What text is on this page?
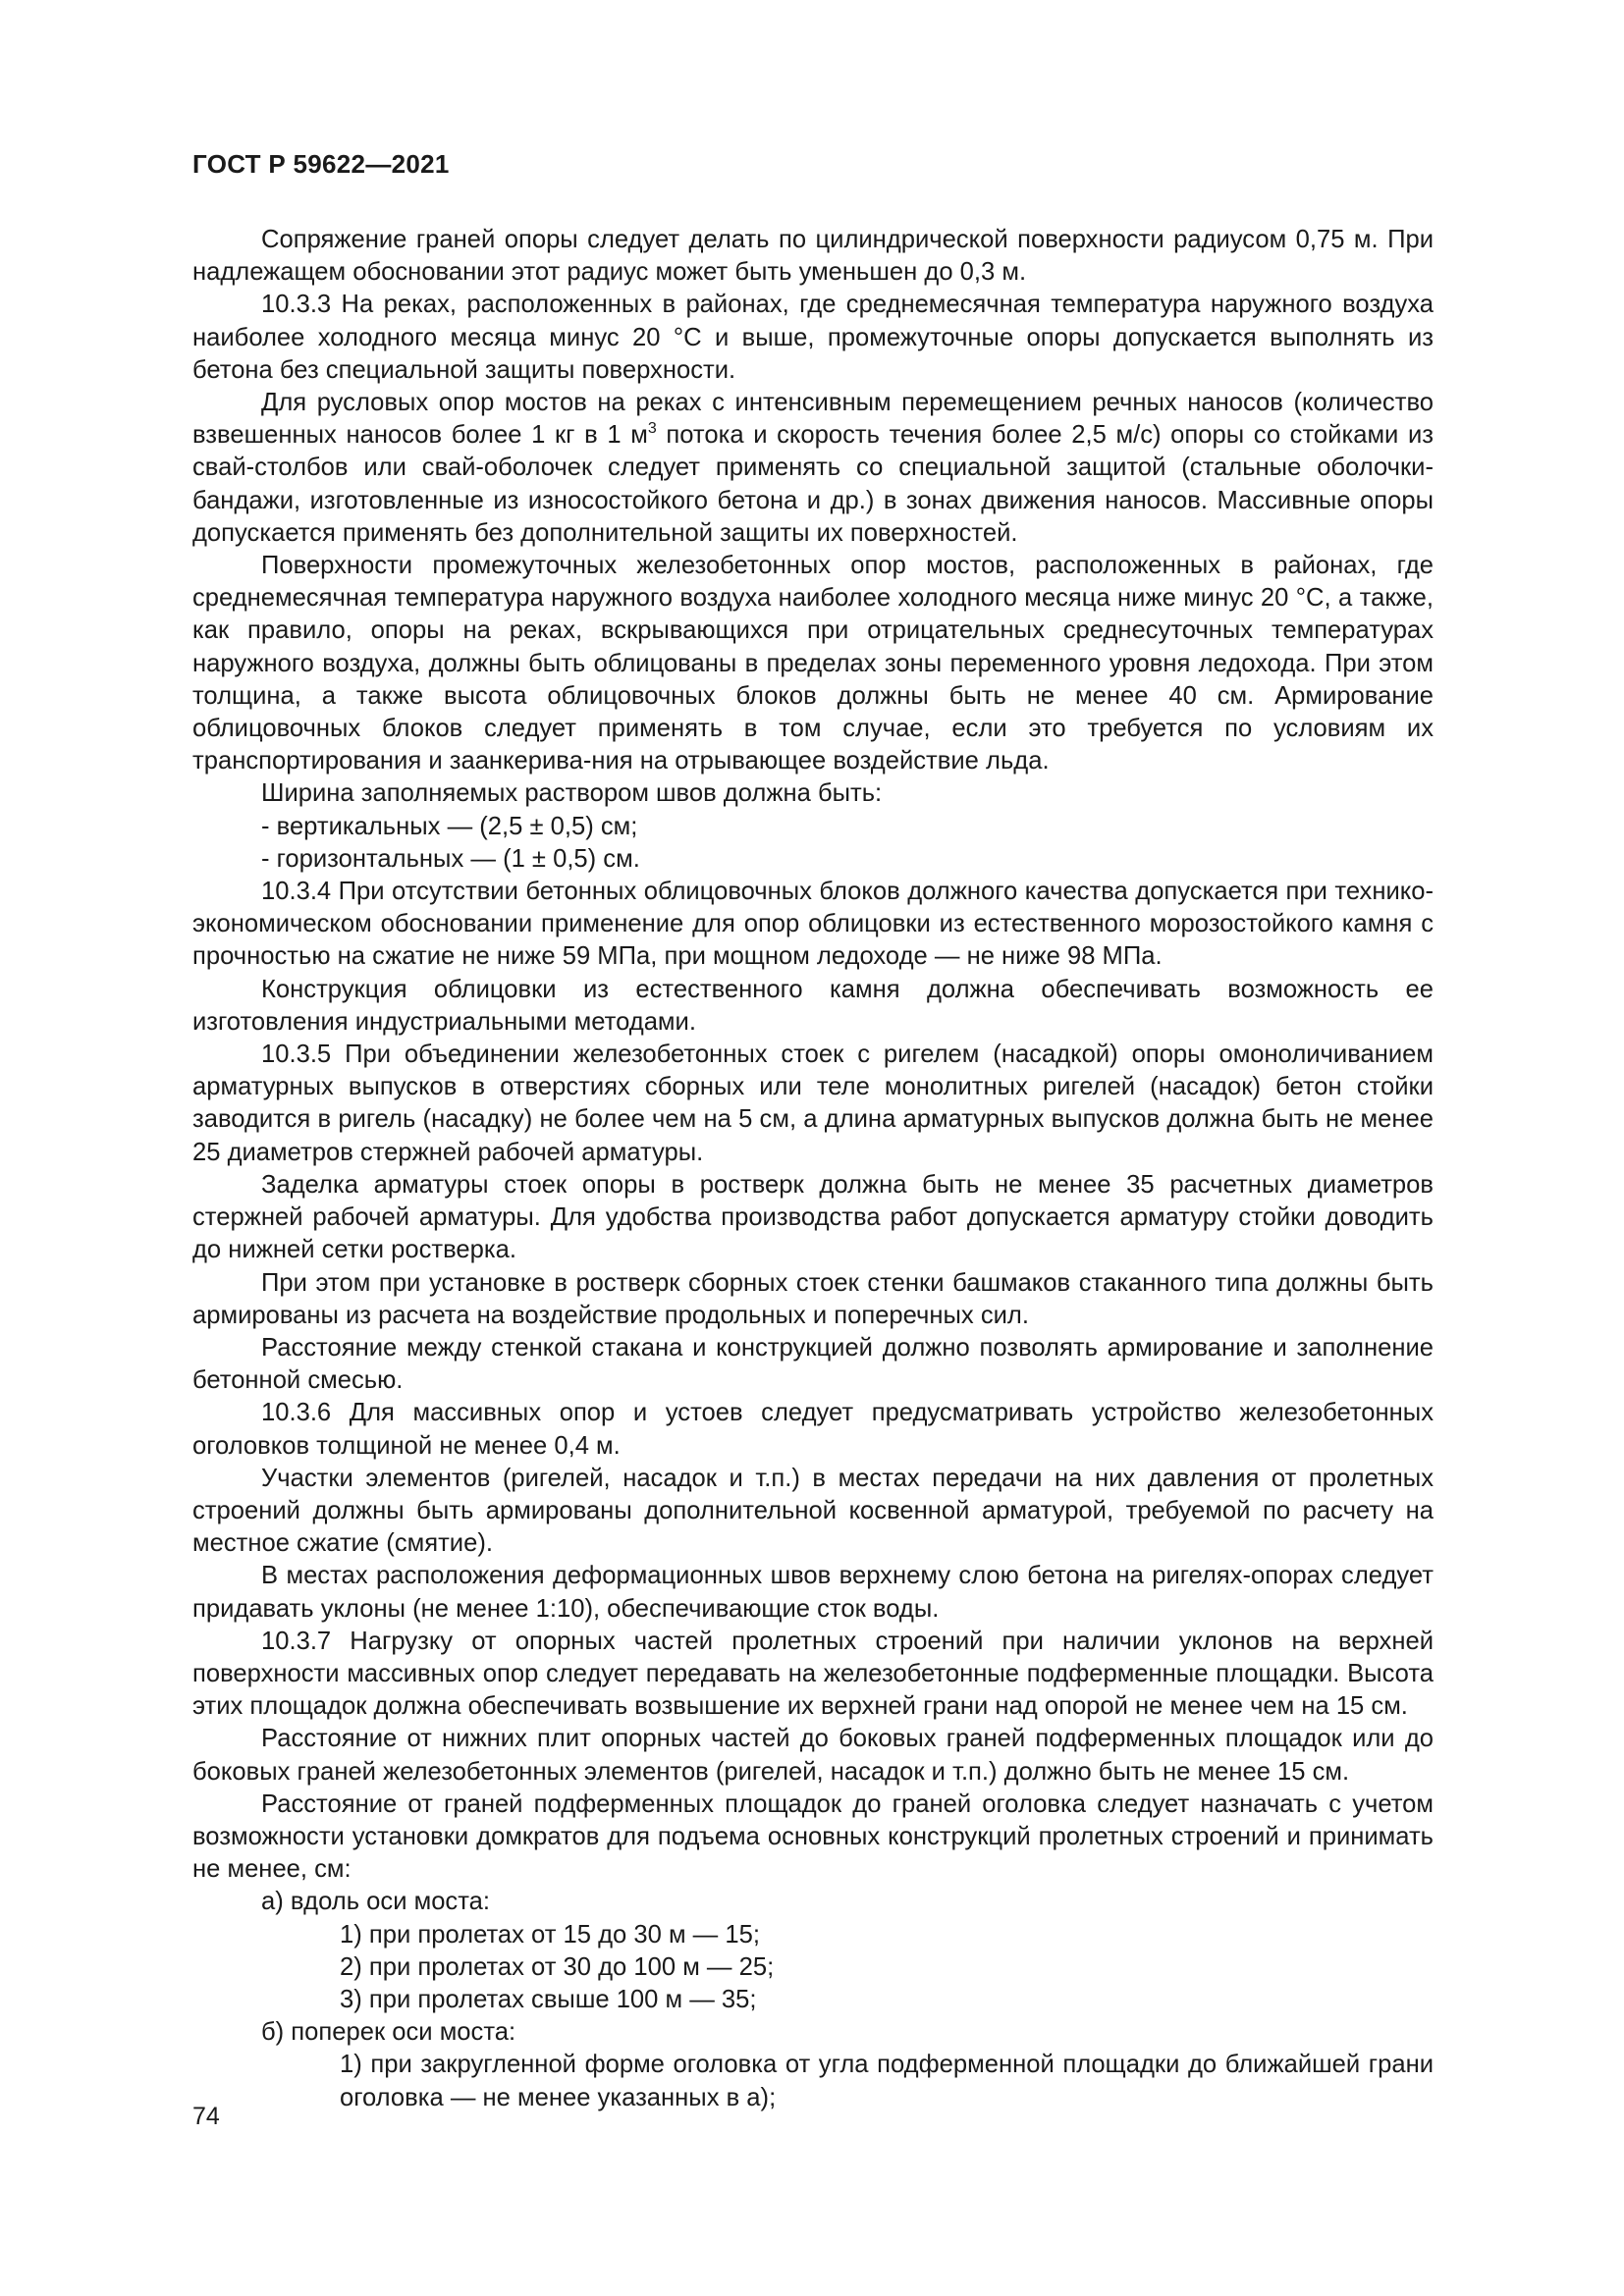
ГОСТ Р 59622—2021

Сопряжение граней опоры следует делать по цилиндрической поверхности радиусом 0,75 м. При надлежащем обосновании этот радиус может быть уменьшен до 0,3 м.

10.3.3 На реках, расположенных в районах, где среднемесячная температура наружного воздуха наиболее холодного месяца минус 20 °С и выше, промежуточные опоры допускается выполнять из бетона без специальной защиты поверхности.

Для русловых опор мостов на реках с интенсивным перемещением речных наносов (количество взвешенных наносов более 1 кг в 1 $м^3$ потока и скорость течения более 2,5 м/с) опоры со стойками из свай-столбов или свай-оболочек следует применять со специальной защитой (стальные оболочки-бандажи, изготовленные из износостойкого бетона и др.) в зонах движения наносов. Массивные опоры допускается применять без дополнительной защиты их поверхностей.

Поверхности промежуточных железобетонных опор мостов, расположенных в районах, где среднемесячная температура наружного воздуха наиболее холодного месяца ниже минус 20 °С, а также, как правило, опоры на реках, вскрывающихся при отрицательных среднесуточных температурах наружного воздуха, должны быть облицованы в пределах зоны переменного уровня ледохода. При этом толщина, а также высота облицовочных блоков должны быть не менее 40 см. Армирование облицовочных блоков следует применять в том случае, если это требуется по условиям их транспортирования и заанкерива-ния на отрывающее воздействие льда.

Ширина заполняемых раствором швов должна быть:

- вертикальных — (2,5 ± 0,5) см;

- горизонтальных — (1 ± 0,5) см.

10.3.4 При отсутствии бетонных облицовочных блоков должного качества допускается при технико-экономическом обосновании применение для опор облицовки из естественного морозостойкого камня с прочностью на сжатие не ниже 59 МПа, при мощном ледоходе — не ниже 98 МПа.

Конструкция облицовки из естественного камня должна обеспечивать возможность ее изготовления индустриальными методами.

10.3.5 При объединении железобетонных стоек с ригелем (насадкой) опоры омоноличиванием арматурных выпусков в отверстиях сборных или теле монолитных ригелей (насадок) бетон стойки заводится в ригель (насадку) не более чем на 5 см, а длина арматурных выпусков должна быть не менее 25 диаметров стержней рабочей арматуры.

Заделка арматуры стоек опоры в ростверк должна быть не менее 35 расчетных диаметров стержней рабочей арматуры. Для удобства производства работ допускается арматуру стойки доводить до нижней сетки ростверка.

При этом при установке в ростверк сборных стоек стенки башмаков стаканного типа должны быть армированы из расчета на воздействие продольных и поперечных сил.

Расстояние между стенкой стакана и конструкцией должно позволять армирование и заполнение бетонной смесью.

10.3.6 Для массивных опор и устоев следует предусматривать устройство железобетонных оголовков толщиной не менее 0,4 м.

Участки элементов (ригелей, насадок и т.п.) в местах передачи на них давления от пролетных строений должны быть армированы дополнительной косвенной арматурой, требуемой по расчету на местное сжатие (смятие).

В местах расположения деформационных швов верхнему слою бетона на ригелях-опорах следует придавать уклоны (не менее 1:10), обеспечивающие сток воды.

10.3.7 Нагрузку от опорных частей пролетных строений при наличии уклонов на верхней поверхности массивных опор следует передавать на железобетонные подферменные площадки. Высота этих площадок должна обеспечивать возвышение их верхней грани над опорой не менее чем на 15 см.

Расстояние от нижних плит опорных частей до боковых граней подферменных площадок или до боковых граней железобетонных элементов (ригелей, насадок и т.п.) должно быть не менее 15 см.

Расстояние от граней подферменных площадок до граней оголовка следует назначать с учетом возможности установки домкратов для подъема основных конструкций пролетных строений и принимать не менее, см:

а) вдоль оси моста:
1) при пролетах от 15 до 30 м — 15;
2) при пролетах от 30 до 100 м — 25;
3) при пролетах свыше 100 м — 35;
б) поперек оси моста:
1) при закругленной форме оголовка от угла подферменной площадки до ближайшей грани оголовка — не менее указанных в а);
74
